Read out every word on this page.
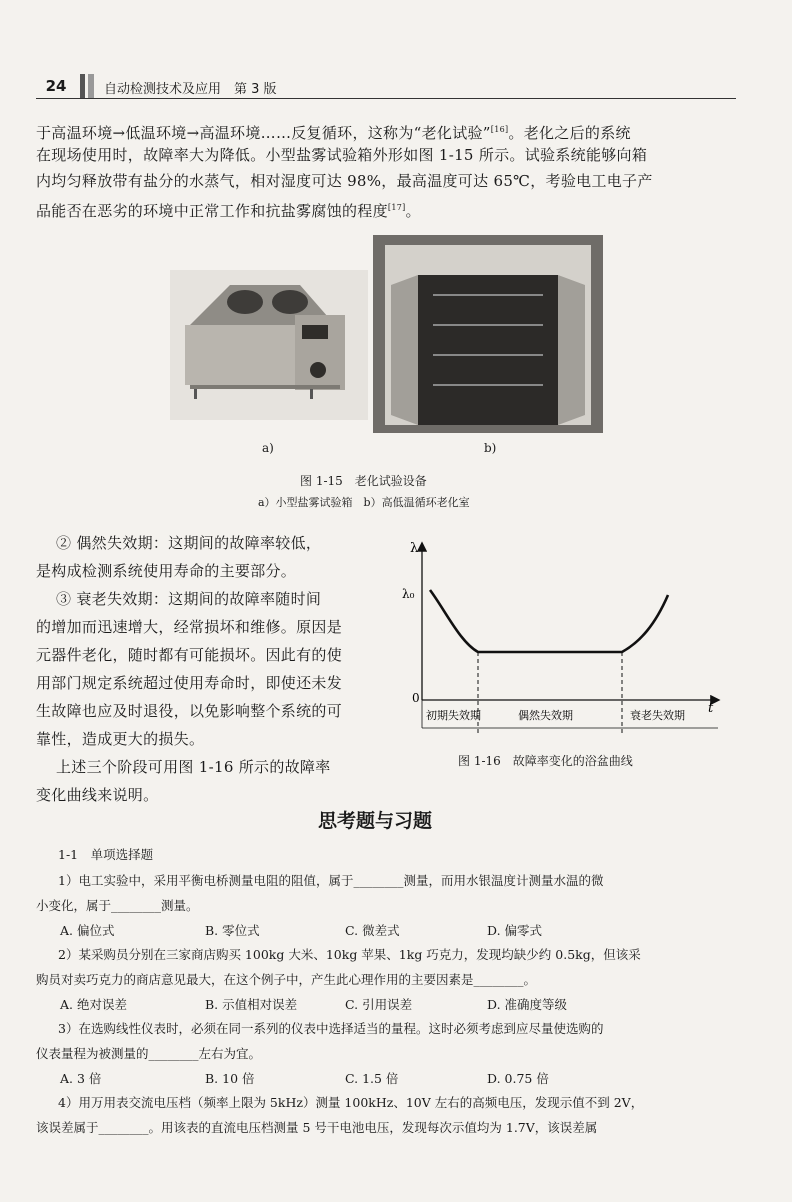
24	自动检测技术及应用　第 3 版
于高温环境→低温环境→高温环境……反复循环，这称为“老化试验”[16]。老化之后的系统
在现场使用时，故障率大为降低。小型盐雾试验箱外形如图 1-15 所示。试验系统能够向箱
内均匀释放带有盐分的水蒸气，相对湿度可达 98%，最高温度可达 65℃，考验电工电子产
品能否在恶劣的环境中正常工作和抗盐雾腐蚀的程度[17]。
a)	b)
图 1-15　老化试验设备
a）小型盐雾试验箱　b）高低温循环老化室
② 偶然失效期：这期间的故障率较低，
是构成检测系统使用寿命的主要部分。
③ 衰老失效期：这期间的故障率随时间
的增加而迅速增大，经常损坏和维修。原因是
元器件老化，随时都有可能损坏。因此有的使
用部门规定系统超过使用寿命时，即使还未发
生故障也应及时退役，以免影响整个系统的可
靠性，造成更大的损失。
上述三个阶段可用图 1-16 所示的故障率
变化曲线来说明。
λ
λ₀
0
t
初期失效期	偶然失效期	衰老失效期
图 1-16　故障率变化的浴盆曲线
思考题与习题
1-1　单项选择题
1）电工实验中，采用平衡电桥测量电阻的阻值，属于________测量，而用水银温度计测量水温的微
小变化，属于________测量。
A. 偏位式	B. 零位式	C. 微差式	D. 偏零式
2）某采购员分别在三家商店购买 100kg 大米、10kg 苹果、1kg 巧克力，发现均缺少约 0.5kg，但该采
购员对卖巧克力的商店意见最大，在这个例子中，产生此心理作用的主要因素是________。
A. 绝对误差	B. 示值相对误差	C. 引用误差	D. 准确度等级
3）在选购线性仪表时，必须在同一系列的仪表中选择适当的量程。这时必须考虑到应尽量使选购的
仪表量程为被测量的________左右为宜。
A. 3 倍	B. 10 倍	C. 1.5 倍	D. 0.75 倍
4）用万用表交流电压档（频率上限为 5kHz）测量 100kHz、10V 左右的高频电压，发现示值不到 2V，
该误差属于________。用该表的直流电压档测量 5 号干电池电压，发现每次示值均为 1.7V，该误差属
